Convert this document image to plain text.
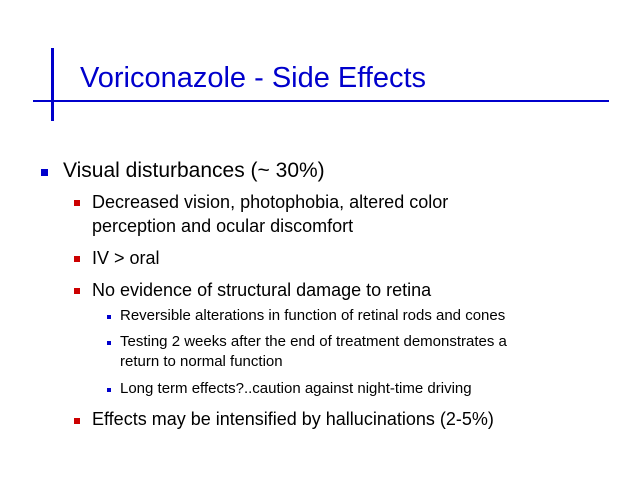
Voriconazole - Side Effects
Visual disturbances (~ 30%)
Decreased vision, photophobia, altered color
perception and ocular discomfort
IV > oral
No evidence of structural damage to retina
Reversible alterations in function of retinal rods and cones
Testing 2 weeks after the end of treatment demonstrates a
return to normal function
Long term effects?..caution against night-time driving
Effects may be intensified by hallucinations (2-5%)
